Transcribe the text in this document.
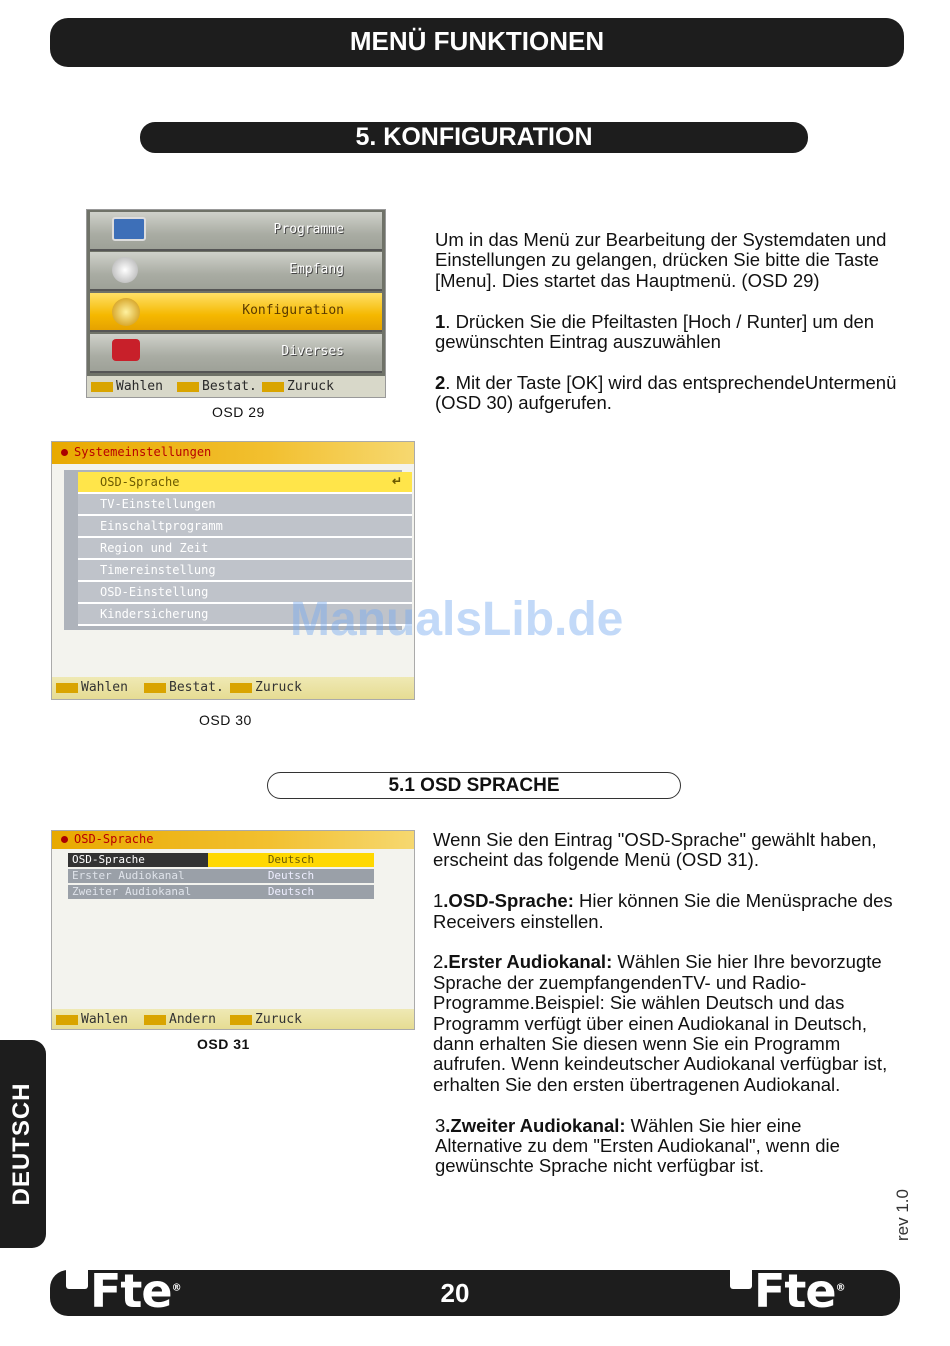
MENÜ FUNKTIONEN
5. KONFIGURATION
Programme
Empfang
Konfiguration
Diverses
Wahlen	Bestat.	Zuruck
OSD 29

Um in das Menü zur Bearbeitung der Systemdaten und Einstellungen zu gelangen, drücken Sie bitte die Taste [Menu]. Dies startet das Hauptmenü. (OSD 29)

1. Drücken Sie die Pfeiltasten [Hoch / Runter] um den gewünschten Eintrag auszuwählen

2. Mit der Taste [OK] wird das entsprechendeUntermenü (OSD 30) aufgerufen.

Systemeinstellungen
OSD-Sprache	↵
TV-Einstellungen
Einschaltprogramm
Region und Zeit
Timereinstellung
OSD-Einstellung
Kindersicherung
Wahlen	Bestat.	Zuruck
OSD 30
ManualsLib.de
5.1 OSD SPRACHE
OSD-Sprache
OSD-Sprache	Deutsch
Erster Audiokanal	Deutsch
Zweiter Audiokanal	Deutsch
Wahlen	Andern	Zuruck
OSD 31

Wenn Sie den Eintrag "OSD-Sprache" gewählt haben, erscheint das folgende Menü (OSD 31).

1.OSD-Sprache: Hier können Sie die Menüsprache des Receivers einstellen.

2.Erster Audiokanal: Wählen Sie hier Ihre bevorzugte Sprache der zuempfangendenTV- und Radio-Programme.Beispiel: Sie wählen Deutsch und das Programm verfügt über einen Audiokanal in Deutsch, dann erhalten Sie diesen wenn Sie ein Programm aufrufen. Wenn keindeutscher Audiokanal verfügbar ist, erhalten Sie den ersten übertragenen Audiokanal.

3.Zweiter Audiokanal: Wählen Sie hier eine Alternative zu dem "Ersten Audiokanal", wenn die gewünschte Sprache nicht verfügbar ist.

DEUTSCH
rev 1.0
Fte®	20	Fte®
